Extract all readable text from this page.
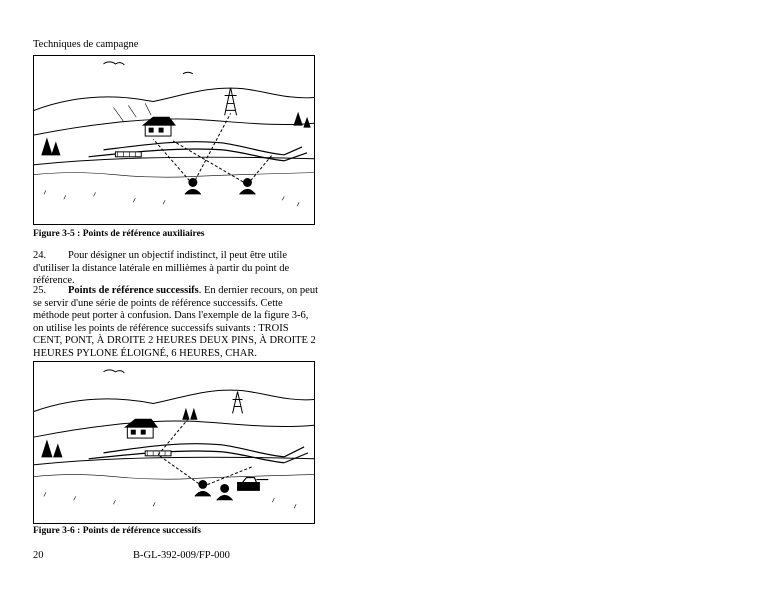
Techniques de campagne
Figure 3-5 : Points de référence auxiliaires
24. Pour désigner un objectif indistinct, il peut être utile d'utiliser la distance latérale en millièmes à partir du point de référence.
25. Points de référence successifs. En dernier recours, on peut se servir d'une série de points de référence successifs. Cette méthode peut porter à confusion. Dans l'exemple de la figure 3-6, on utilise les points de référence successifs suivants : TROIS CENT, PONT, À DROITE 2 HEURES DEUX PINS, À DROITE 2 HEURES PYLONE ÉLOIGNÉ, 6 HEURES, CHAR.
Figure 3-6 : Points de référence successifs
20	B-GL-392-009/FP-000
